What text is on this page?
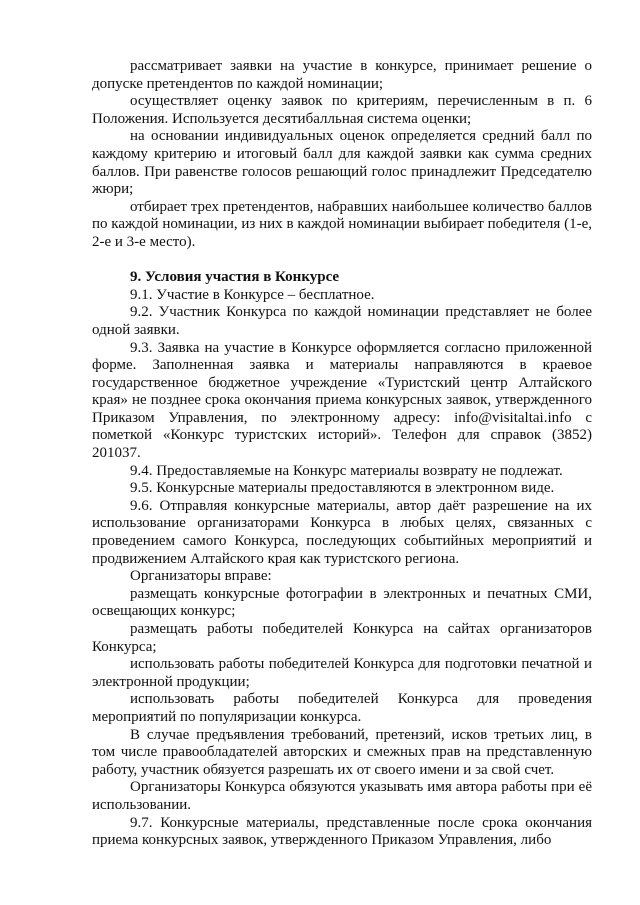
рассматривает заявки на участие в конкурсе, принимает решение о допуске претендентов по каждой номинации;

осуществляет оценку заявок по критериям, перечисленным в п. 6 Положения. Используется десятибалльная система оценки;

на основании индивидуальных оценок определяется средний балл по каждому критерию и итоговый балл для каждой заявки как сумма средних баллов. При равенстве голосов решающий голос принадлежит Председателю жюри;

отбирает трех претендентов, набравших наибольшее количество баллов по каждой номинации, из них в каждой номинации выбирает победителя (1-е, 2-е и 3-е место).

9. Условия участия в Конкурсе

9.1. Участие в Конкурсе – бесплатное.

9.2. Участник Конкурса по каждой номинации представляет не более одной заявки.

9.3. Заявка на участие в Конкурсе оформляется согласно приложенной форме. Заполненная заявка и материалы направляются в краевое государственное бюджетное учреждение «Туристский центр Алтайского края» не позднее срока окончания приема конкурсных заявок, утвержденного Приказом Управления, по электронному адресу: info@visitaltai.info с пометкой «Конкурс туристских историй». Телефон для справок (3852) 201037.

9.4. Предоставляемые на Конкурс материалы возврату не подлежат.

9.5. Конкурсные материалы предоставляются в электронном виде.

9.6. Отправляя конкурсные материалы, автор даёт разрешение на их использование организаторами Конкурса в любых целях, связанных с проведением самого Конкурса, последующих событийных мероприятий и продвижением Алтайского края как туристского региона.

Организаторы вправе:

размещать конкурсные фотографии в электронных и печатных СМИ, освещающих конкурс;

размещать работы победителей Конкурса на сайтах организаторов Конкурса;

использовать работы победителей Конкурса для подготовки печатной и электронной продукции;

использовать работы победителей Конкурса для проведения мероприятий по популяризации конкурса.

В случае предъявления требований, претензий, исков третьих лиц, в том числе правообладателей авторских и смежных прав на представленную работу, участник обязуется разрешать их от своего имени и за свой счет.

Организаторы Конкурса обязуются указывать имя автора работы при её использовании.

9.7. Конкурсные материалы, представленные после срока окончания приема конкурсных заявок, утвержденного Приказом Управления, либо
